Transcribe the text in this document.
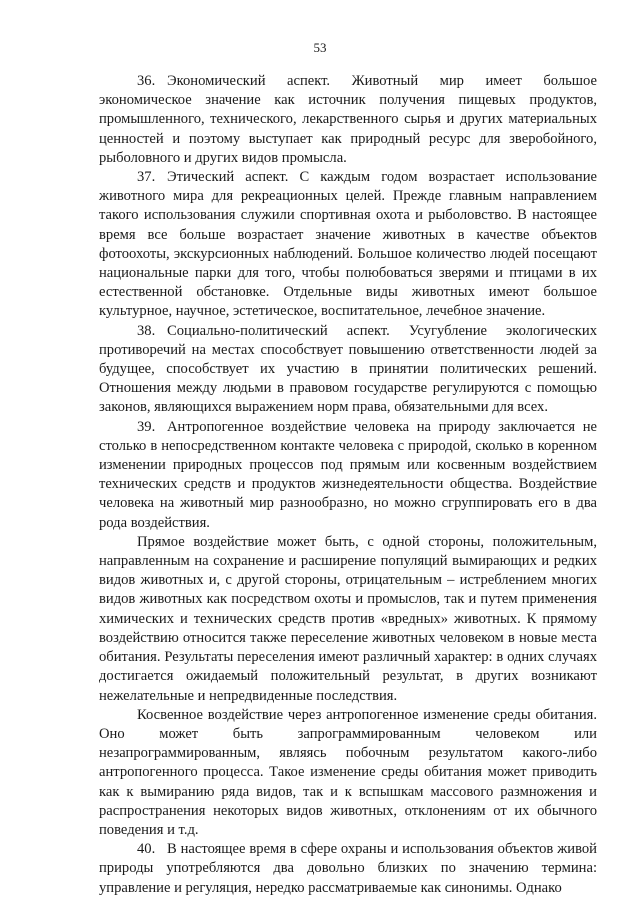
53

36. Экономический аспект. Животный мир имеет большое экономическое значение как источник получения пищевых продуктов, промышленного, технического, лекарственного сырья и других материальных ценностей и поэтому выступает как природный ресурс для зверобойного, рыболовного и других видов промысла.

37. Этический аспект. С каждым годом возрастает использование животного мира для рекреационных целей. Прежде главным направлением такого использования служили спортивная охота и рыболовство. В настоящее время все больше возрастает значение животных в качестве объектов фотоохоты, экскурсионных наблюдений. Большое количество людей посещают национальные парки для того, чтобы полюбоваться зверями и птицами в их естественной обстановке. Отдельные виды животных имеют большое культурное, научное, эстетическое, воспитательное, лечебное значение.

38. Социально-политический аспект. Усугубление экологических противоречий на местах способствует повышению ответственности людей за будущее, способствует их участию в принятии политических решений. Отношения между людьми в правовом государстве регулируются с помощью законов, являющихся выражением норм права, обязательными для всех.

39. Антропогенное воздействие человека на природу заключается не столько в непосредственном контакте человека с природой, сколько в коренном изменении природных процессов под прямым или косвенным воздействием технических средств и продуктов жизнедеятельности общества. Воздействие человека на животный мир разнообразно, но можно сгруппировать его в два рода воздействия.

Прямое воздействие может быть, с одной стороны, положительным, направленным на сохранение и расширение популяций вымирающих и редких видов животных и, с другой стороны, отрицательным – истреблением многих видов животных как посредством охоты и промыслов, так и путем применения химических и технических средств против «вредных» животных. К прямому воздействию относится также переселение животных человеком в новые места обитания. Результаты переселения имеют различный характер: в одних случаях достигается ожидаемый положительный результат, в других возникают нежелательные и непредвиденные последствия.

Косвенное воздействие через антропогенное изменение среды обитания. Оно может быть запрограммированным человеком или незапрограммированным, являясь побочным результатом какого-либо антропогенного процесса. Такое изменение среды обитания может приводить как к вымиранию ряда видов, так и к вспышкам массового размножения и распространения некоторых видов животных, отклонениям от их обычного поведения и т.д.

40. В настоящее время в сфере охраны и использования объектов живой природы употребляются два довольно близких по значению термина: управление и регуляция, нередко рассматриваемые как синонимы. Однако
